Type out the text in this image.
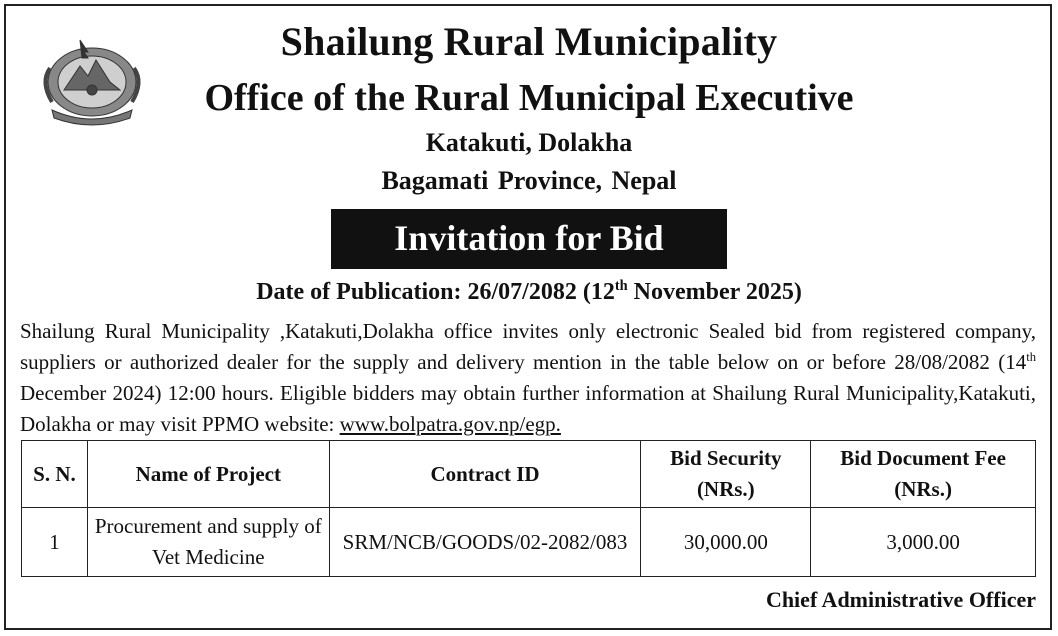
Shailung Rural Municipality
Office of the Rural Municipal Executive
Katakuti, Dolakha
Bagamati Province, Nepal
Invitation for Bid
Date of Publication: 26/07/2082 (12th November 2025)
Shailung Rural Municipality ,Katakuti,Dolakha office invites only electronic Sealed bid from registered company, suppliers or authorized dealer for the supply and delivery mention in the table below on or before 28/08/2082 (14th December 2024) 12:00 hours. Eligible bidders may obtain further information at Shailung Rural Municipality,Katakuti, Dolakha or may visit PPMO website: www.bolpatra.gov.np/egp.
S. N.	Name of Project	Contract ID	Bid Security (NRs.)	Bid Document Fee (NRs.)
1	Procurement and supply of Vet Medicine	SRM/NCB/GOODS/02-2082/083	30,000.00	3,000.00
Chief Administrative Officer
